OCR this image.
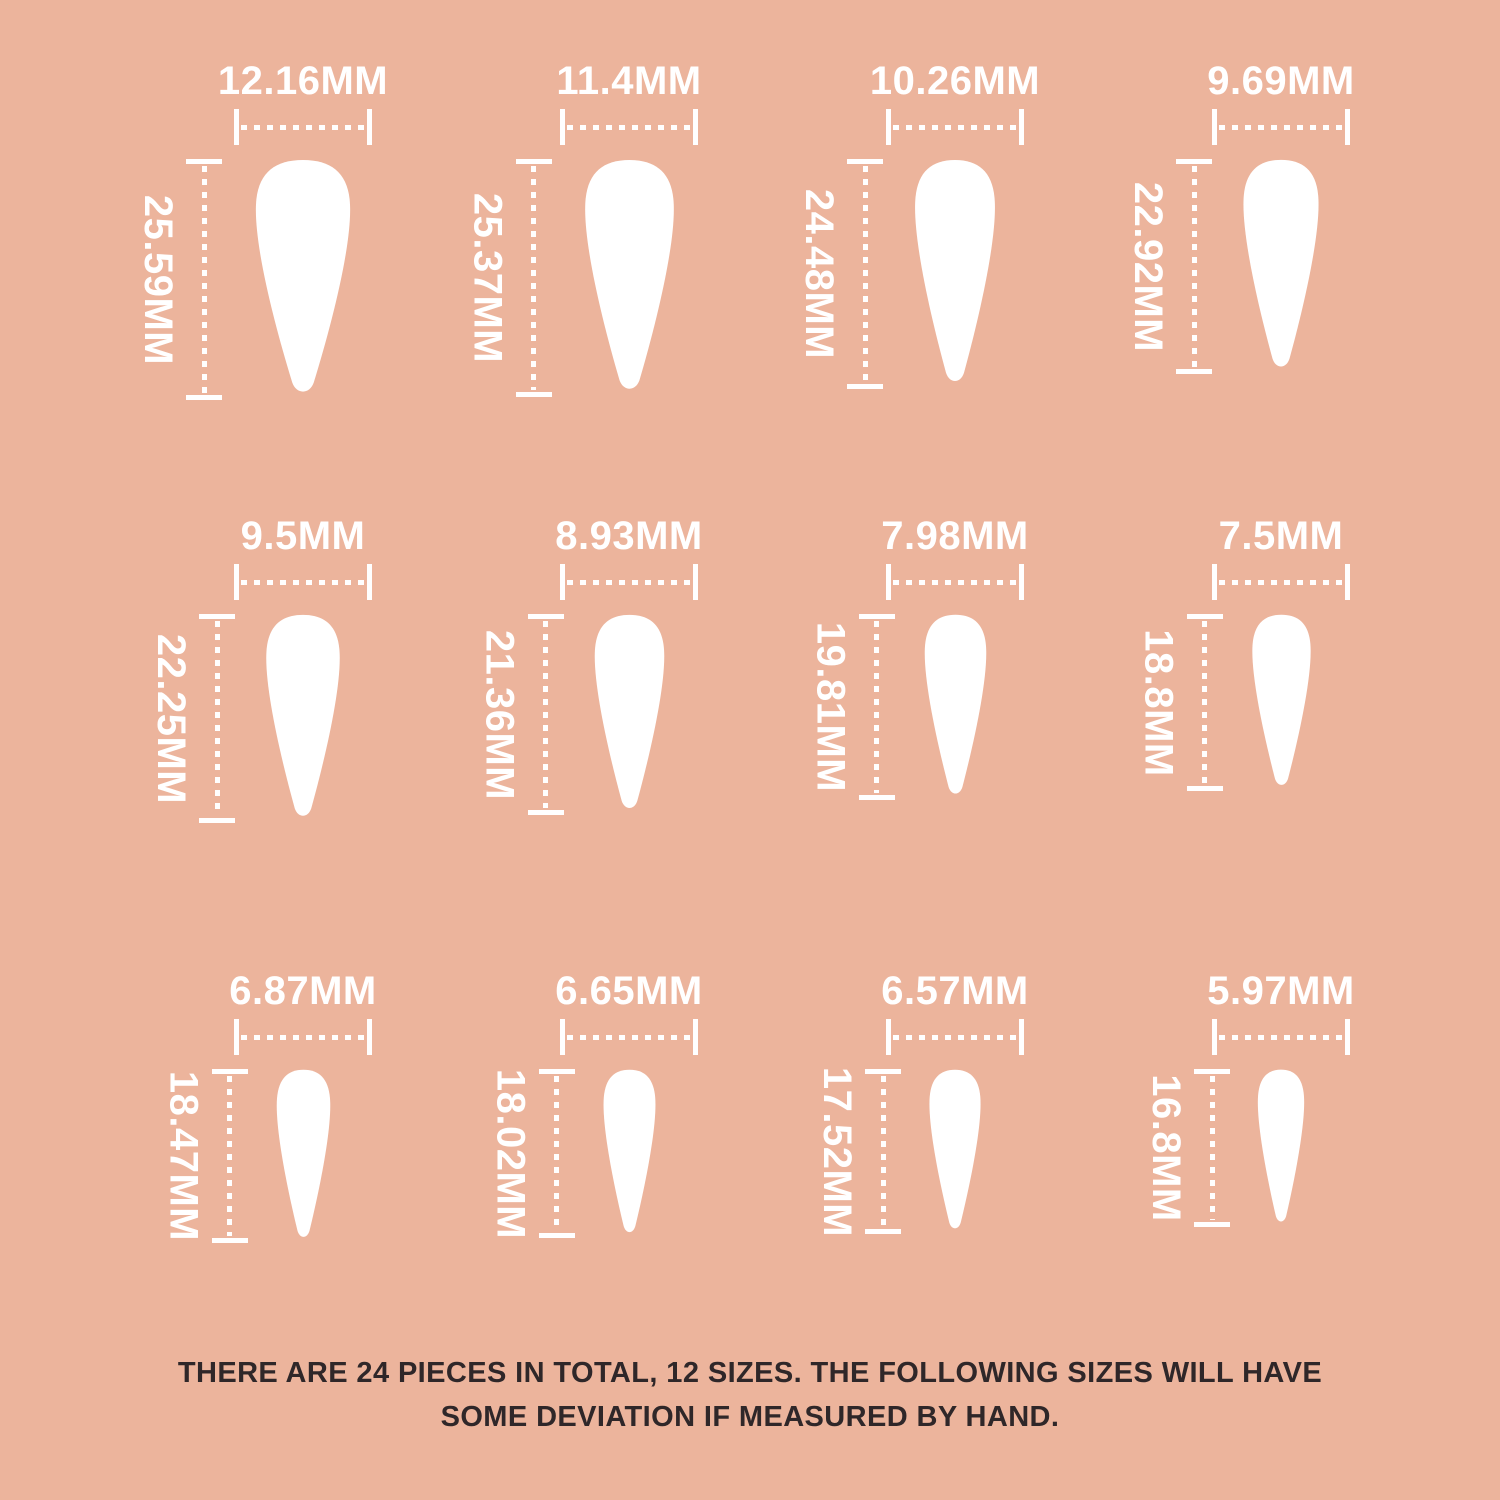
12.16MM
25.59MM
11.4MM
25.37MM
10.26MM
24.48MM
9.69MM
22.92MM
9.5MM
22.25MM
8.93MM
21.36MM
7.98MM
19.81MM
7.5MM
18.8MM
6.87MM
18.47MM
6.65MM
18.02MM
6.57MM
17.52MM
5.97MM
16.8MM
THERE ARE 24 PIECES IN TOTAL, 12 SIZES. THE FOLLOWING SIZES WILL HAVE SOME DEVIATION IF MEASURED BY HAND.
